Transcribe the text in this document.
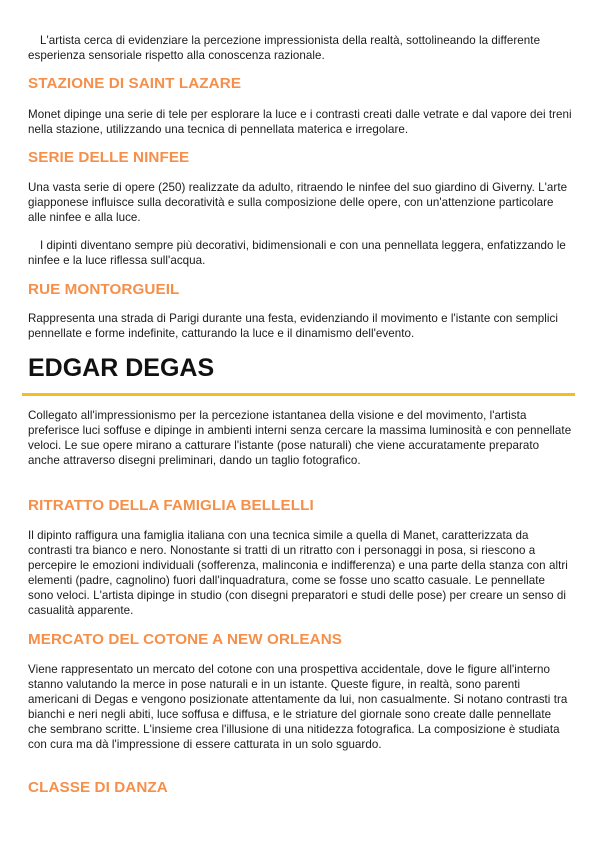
L'artista cerca di evidenziare la percezione impressionista della realtà, sottolineando la differente esperienza sensoriale rispetto alla conoscenza razionale.

STAZIONE DI SAINT LAZARE

Monet dipinge una serie di tele per esplorare la luce e i contrasti creati dalle vetrate e dal vapore dei treni nella stazione, utilizzando una tecnica di pennellata materica e irregolare.

SERIE DELLE NINFEE

Una vasta serie di opere (250) realizzate da adulto, ritraendo le ninfee del suo giardino di Giverny. L'arte giapponese influisce sulla decoratività e sulla composizione delle opere, con un'attenzione particolare alle ninfee e alla luce.

I dipinti diventano sempre più decorativi, bidimensionali e con una pennellata leggera, enfatizzando le ninfee e la luce riflessa sull'acqua.

RUE MONTORGUEIL

Rappresenta una strada di Parigi durante una festa, evidenziando il movimento e l'istante con semplici pennellate e forme indefinite, catturando la luce e il dinamismo dell'evento.

EDGAR DEGAS

Collegato all'impressionismo per la percezione istantanea della visione e del movimento, l'artista preferisce luci soffuse e dipinge in ambienti interni senza cercare la massima luminosità e con pennellate veloci. Le sue opere mirano a catturare l'istante (pose naturali) che viene accuratamente preparato anche attraverso disegni preliminari, dando un taglio fotografico.

RITRATTO DELLA FAMIGLIA BELLELLI

Il dipinto raffigura una famiglia italiana con una tecnica simile a quella di Manet, caratterizzata da contrasti tra bianco e nero. Nonostante si tratti di un ritratto con i personaggi in posa, si riescono a percepire le emozioni individuali (sofferenza, malinconia e indifferenza) e una parte della stanza con altri elementi (padre, cagnolino) fuori dall'inquadratura, come se fosse uno scatto casuale. Le pennellate sono veloci. L'artista dipinge in studio (con disegni preparatori e studi delle pose) per creare un senso di casualità apparente.

MERCATO DEL COTONE A NEW ORLEANS

Viene rappresentato un mercato del cotone con una prospettiva accidentale, dove le figure all'interno stanno valutando la merce in pose naturali e in un istante. Queste figure, in realtà, sono parenti americani di Degas e vengono posizionate attentamente da lui, non casualmente. Si notano contrasti tra bianchi e neri negli abiti, luce soffusa e diffusa, e le striature del giornale sono create dalle pennellate che sembrano scritte. L'insieme crea l'illusione di una nitidezza fotografica. La composizione è studiata con cura ma dà l'impressione di essere catturata in un solo sguardo.

CLASSE DI DANZA
